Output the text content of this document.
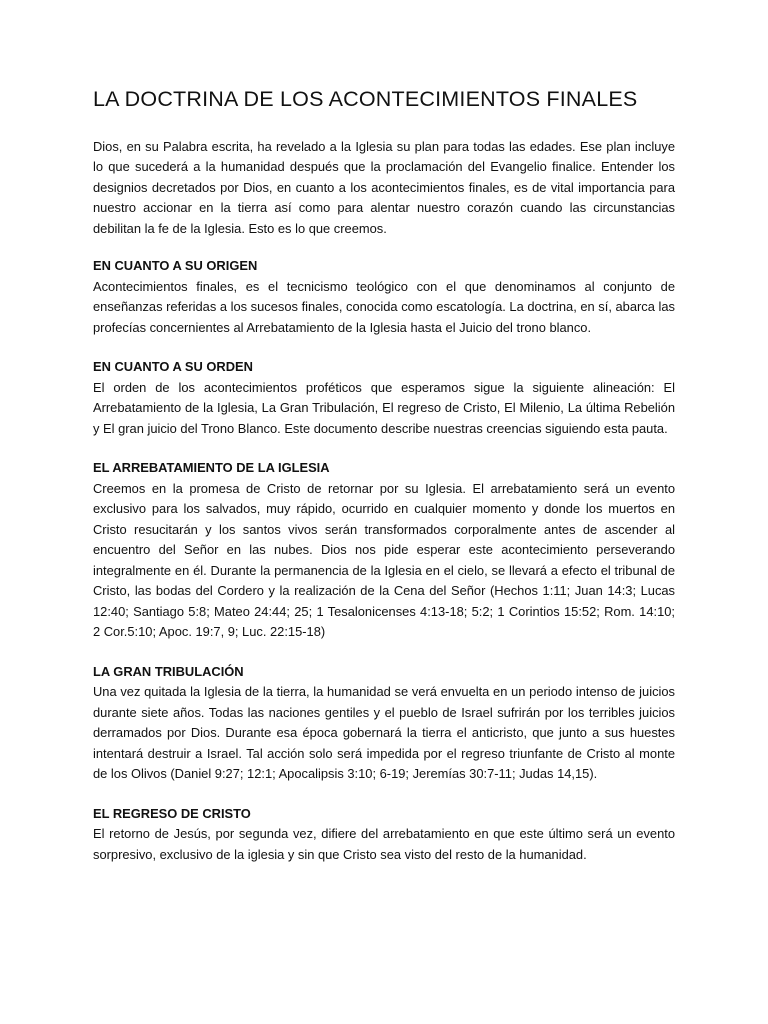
LA DOCTRINA DE LOS ACONTECIMIENTOS FINALES

Dios, en su Palabra escrita, ha revelado a la Iglesia su plan para todas las edades. Ese plan incluye lo que sucederá a la humanidad después que la proclamación del Evangelio finalice. Entender los designios decretados por Dios, en cuanto a los acontecimientos finales, es de vital importancia para nuestro accionar en la tierra así como para alentar nuestro corazón cuando las circunstancias debilitan la fe de la Iglesia. Esto es lo que creemos.

EN CUANTO A SU ORIGEN

Acontecimientos finales, es el tecnicismo teológico con el que denominamos al conjunto de enseñanzas referidas a los sucesos finales, conocida como escatología. La doctrina, en sí, abarca las profecías concernientes al Arrebatamiento de la Iglesia hasta el Juicio del trono blanco.

EN CUANTO A SU ORDEN

El orden de los acontecimientos proféticos que esperamos sigue la siguiente alineación: El Arrebatamiento de la Iglesia, La Gran Tribulación, El regreso de Cristo, El Milenio, La última Rebelión y El gran juicio del Trono Blanco. Este documento describe nuestras creencias siguiendo esta pauta.

EL ARREBATAMIENTO DE LA IGLESIA

Creemos en la promesa de Cristo de retornar por su Iglesia. El arrebatamiento será un evento exclusivo para los salvados, muy rápido, ocurrido en cualquier momento y donde los muertos en Cristo resucitarán y los santos vivos serán transformados corporalmente antes de ascender al encuentro del Señor en las nubes. Dios nos pide esperar este acontecimiento perseverando integralmente en él. Durante la permanencia de la Iglesia en el cielo, se llevará a efecto el tribunal de Cristo, las bodas del Cordero y la realización de la Cena del Señor (Hechos 1:11; Juan 14:3; Lucas 12:40; Santiago 5:8; Mateo 24:44; 25; 1 Tesalonicenses 4:13-18; 5:2; 1 Corintios 15:52; Rom. 14:10; 2 Cor.5:10; Apoc. 19:7, 9; Luc. 22:15-18)

LA GRAN TRIBULACIÓN

Una vez quitada la Iglesia de la tierra, la humanidad se verá envuelta en un periodo intenso de juicios durante siete años. Todas las naciones gentiles y el pueblo de Israel sufrirán por los terribles juicios derramados por Dios. Durante esa época gobernará la tierra el anticristo, que junto a sus huestes intentará destruir a Israel. Tal acción solo será impedida por el regreso triunfante de Cristo al monte de los Olivos (Daniel 9:27; 12:1; Apocalipsis 3:10; 6-19; Jeremías 30:7-11; Judas 14,15).

EL REGRESO DE CRISTO

El retorno de Jesús, por segunda vez, difiere del arrebatamiento en que este último será un evento sorpresivo, exclusivo de la iglesia y sin que Cristo sea visto del resto de la humanidad.
